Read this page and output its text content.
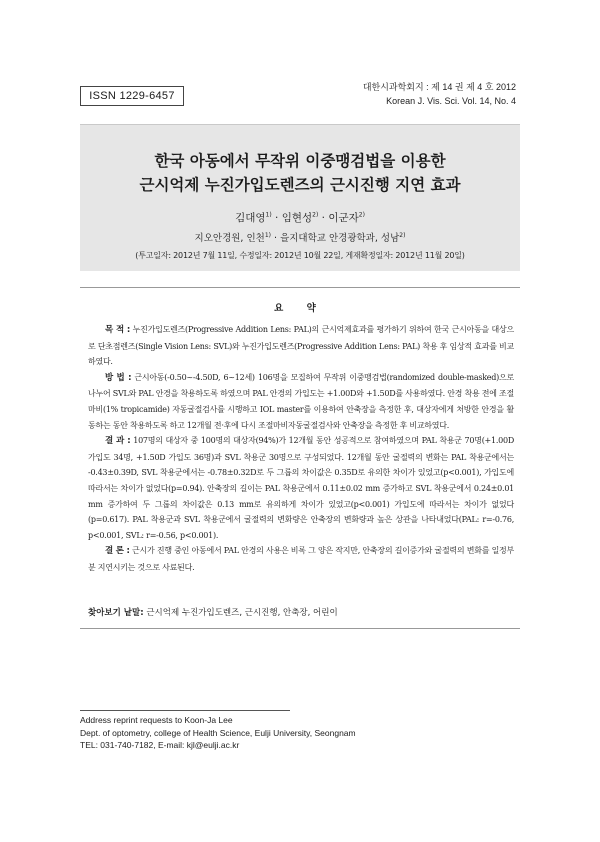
ISSN 1229-6457
대한시과학회지 : 제 14 권 제 4 호 2012
Korean J. Vis. Sci. Vol. 14, No. 4
한국 아동에서 무작위 이중맹검법을 이용한
근시억제 누진가입도렌즈의 근시진행 지연 효과
김대영$^{1)}$ · 임현성$^{2)}$ · 이군자$^{2)}$
지오안경원, 인천$^{1)}$ · 을지대학교 안경광학과, 성남$^{2)}$
(투고일자: 2012년 7월 11일, 수정일자: 2012년 10월 22일, 게재확정일자: 2012년 11월 20일)
요 약

목 적 : 누진가입도렌즈(Progressive Addition Lens: PAL)의 근시억제효과를 평가하기 위하여 한국 근시아동을 대상으로 단초점렌즈(Single Vision Lens: SVL)와 누진가입도렌즈(Progressive Addition Lens: PAL) 착용 후 임상적 효과를 비교하였다.

방 법 : 근시아동(-0.50~-4.50D, 6~12세) 106명을 모집하여 무작위 이중맹검법(randomized double-masked)으로 나누어 SVL와 PAL 안경을 착용하도록 하였으며 PAL 안경의 가입도는 +1.00D와 +1.50D를 사용하였다. 안경 착용 전에 조절마비(1% tropicamide) 자동굴절검사를 시행하고 IOL master를 이용하여 안축장을 측정한 후, 대상자에게 처방한 안경을 활동하는 동안 착용하도록 하고 12개월 전·후에 다시 조절마비자동굴절검사와 안축장을 측정한 후 비교하였다.

결 과 : 107명의 대상자 중 100명의 대상자(94%)가 12개월 동안 성공적으로 참여하였으며 PAL 착용군 70명(+1.00D 가입도 34명, +1.50D 가입도 36명)과 SVL 착용군 30명으로 구성되었다. 12개월 동안 굴절력의 변화는 PAL 착용군에서는 -0.43±0.39D, SVL 착용군에서는 -0.78±0.32D로 두 그룹의 차이값은 0.35D로 유의한 차이가 있었고(p<0.001), 가입도에 따라서는 차이가 없었다(p=0.94). 안축장의 길이는 PAL 착용군에서 0.11±0.02 mm 증가하고 SVL 착용군에서 0.24±0.01 mm 증가하여 두 그룹의 차이값은 0.13 mm로 유의하게 차이가 있었고(p<0.001) 가입도에 따라서는 차이가 없었다(p=0.617). PAL 착용군과 SVL 착용군에서 굴절력의 변화량은 안축장의 변화량과 높은 상관을 나타내었다(PAL: r=-0.76, p<0.001, SVL: r=-0.56, p<0.001).

결 론 : 근시가 진행 중인 아동에서 PAL 안경의 사용은 비록 그 양은 작지만, 안축장의 길이증가와 굴절력의 변화를 일정부분 지연시키는 것으로 사료된다.

찾아보기 낱말: 근시억제 누진가입도렌즈, 근시진행, 안축장, 어린이
Address reprint requests to Koon-Ja Lee
Dept. of optometry, college of Health Science, Eulji University, Seongnam
TEL: 031-740-7182, E-mail: kjl@eulji.ac.kr
